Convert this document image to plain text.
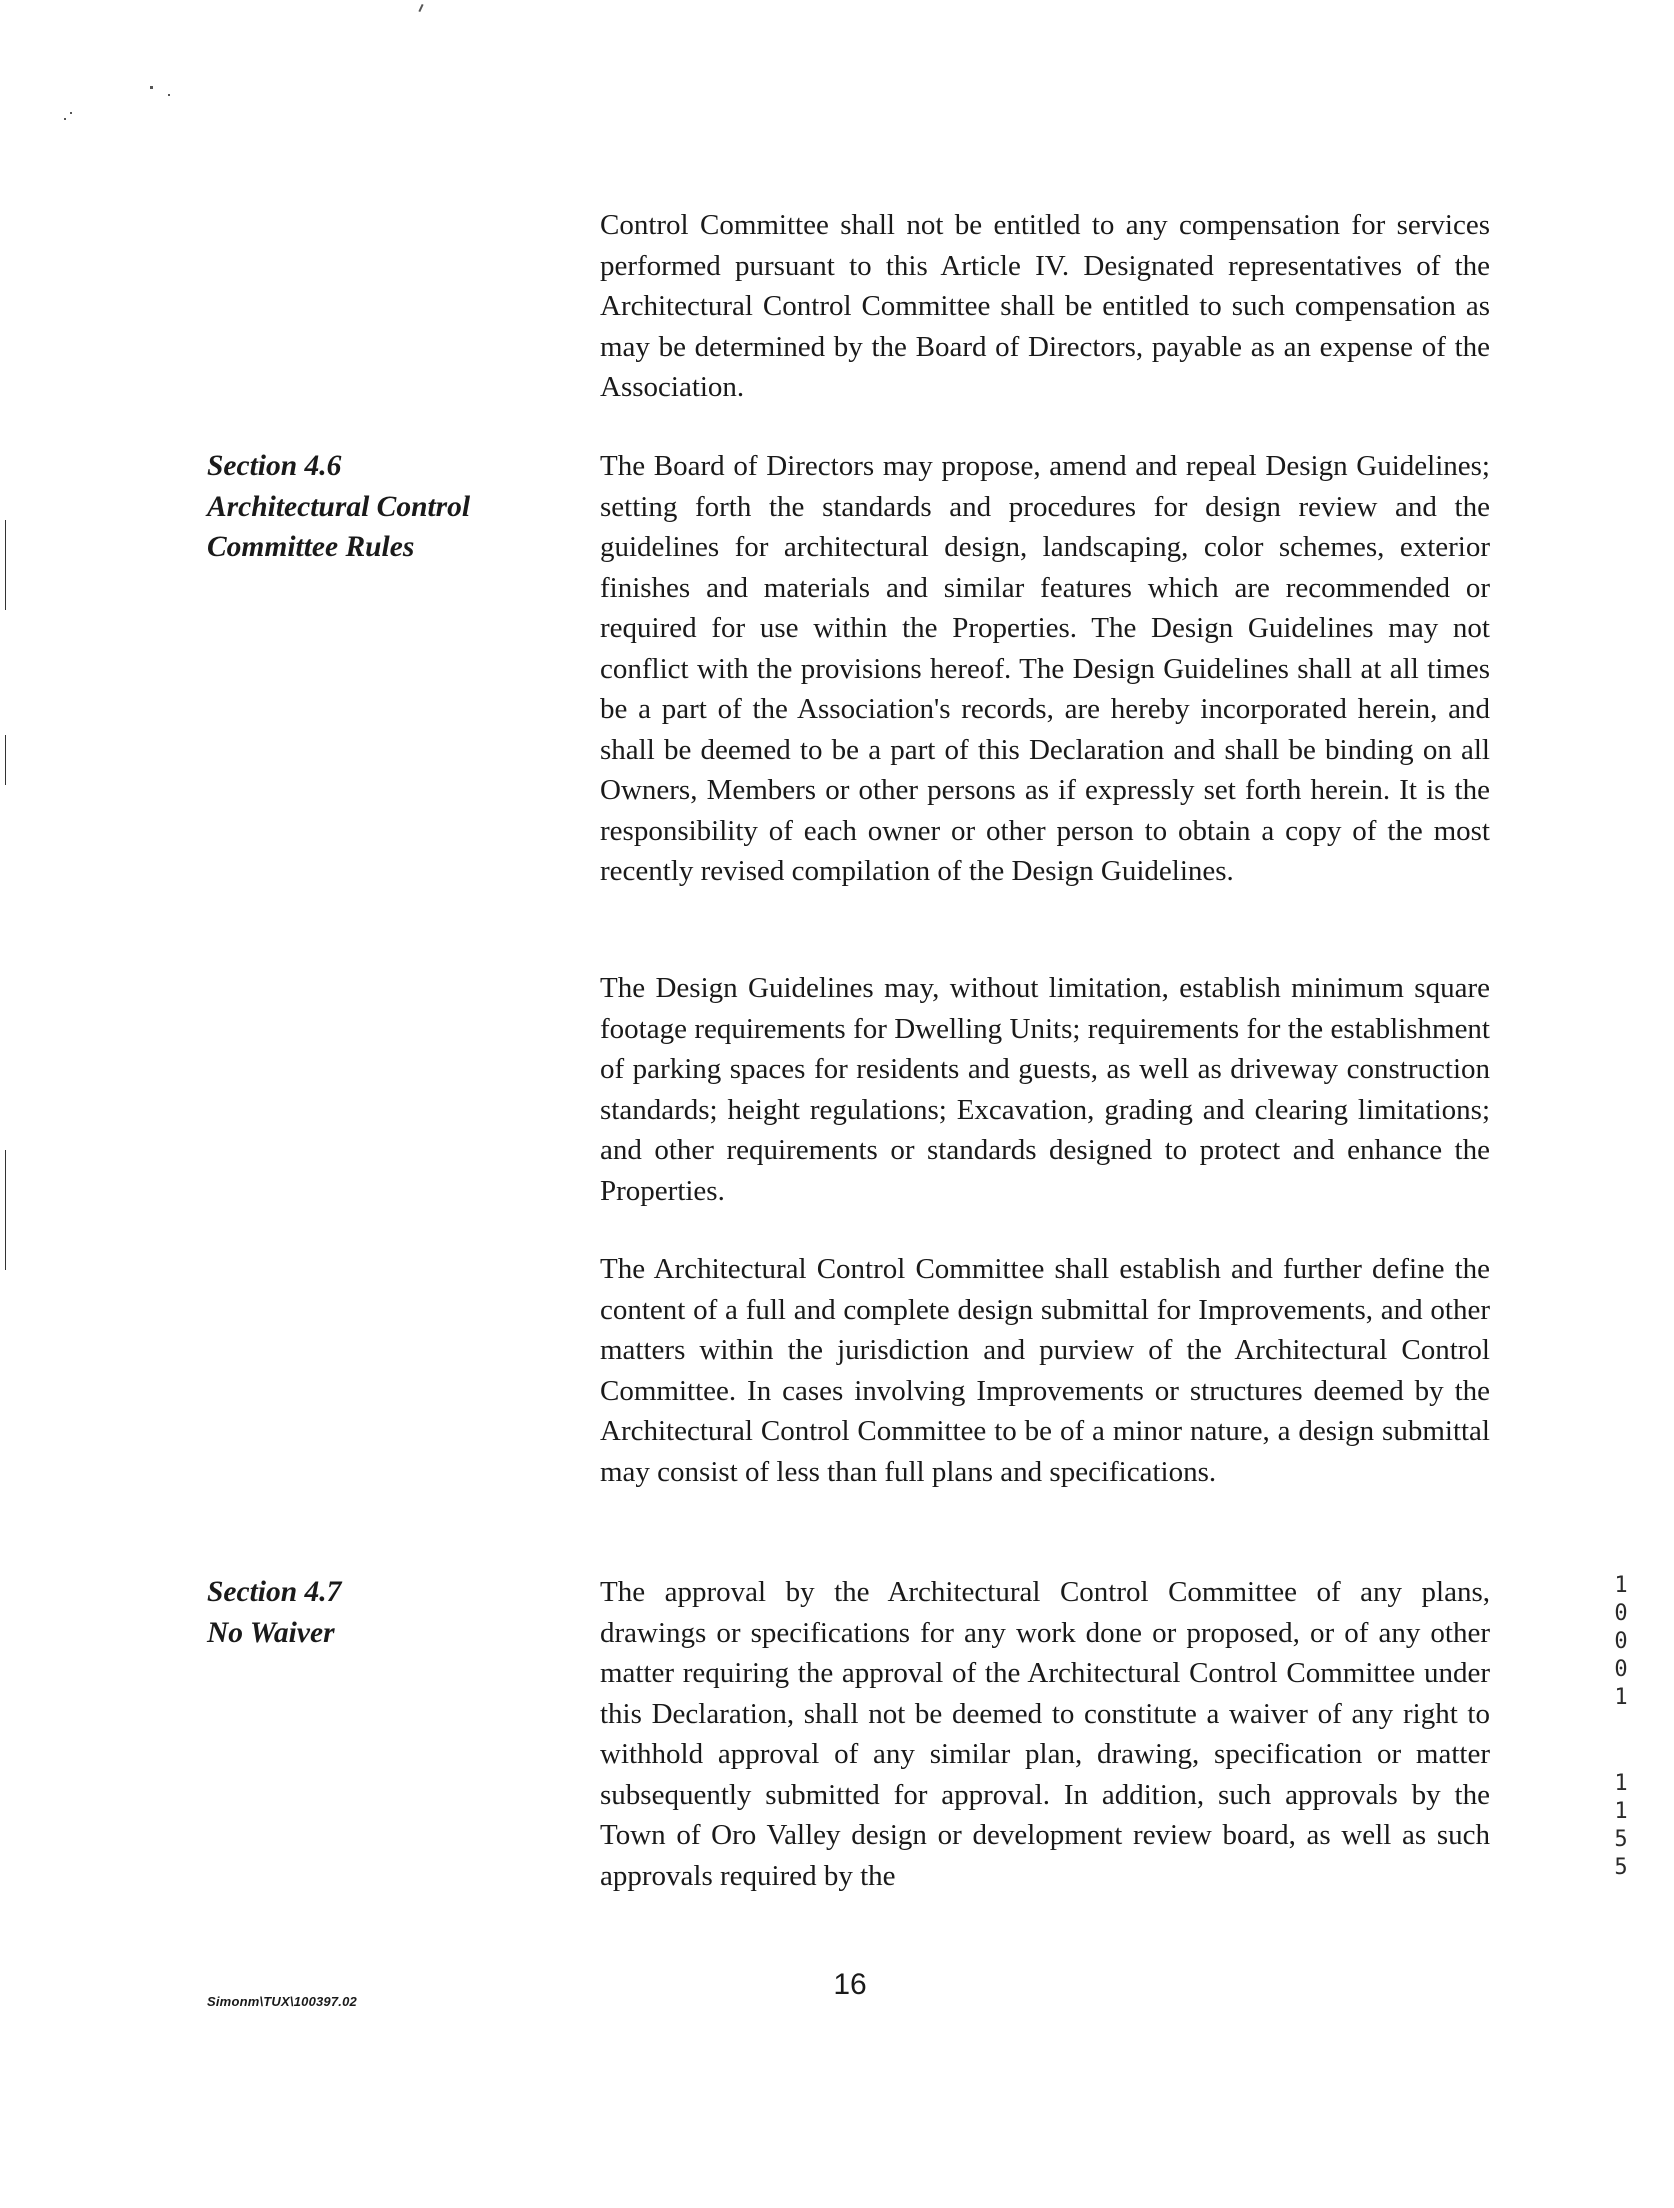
Control Committee shall not be entitled to any compensation for services performed pursuant to this Article IV. Designated representatives of the Architectural Control Committee shall be entitled to such compensation as may be determined by the Board of Directors, payable as an expense of the Association.

Section 4.6
Architectural Control
Committee Rules

The Board of Directors may propose, amend and repeal Design Guidelines; setting forth the standards and procedures for design review and the guidelines for architectural design, landscaping, color schemes, exterior finishes and materials and similar features which are recommended or required for use within the Properties. The Design Guidelines may not conflict with the provisions hereof. The Design Guidelines shall at all times be a part of the Association's records, are hereby incorporated herein, and shall be deemed to be a part of this Declaration and shall be binding on all Owners, Members or other persons as if expressly set forth herein. It is the responsibility of each owner or other person to obtain a copy of the most recently revised compilation of the Design Guidelines.

The Design Guidelines may, without limitation, establish minimum square footage requirements for Dwelling Units; requirements for the establishment of parking spaces for residents and guests, as well as driveway construction standards; height regulations; Excavation, grading and clearing limitations; and other requirements or standards designed to protect and enhance the Properties.

The Architectural Control Committee shall establish and further define the content of a full and complete design submittal for Improvements, and other matters within the jurisdiction and purview of the Architectural Control Committee. In cases involving Improvements or structures deemed by the Architectural Control Committee to be of a minor nature, a design submittal may consist of less than full plans and specifications.

Section 4.7
No Waiver

The approval by the Architectural Control Committee of any plans, drawings or specifications for any work done or proposed, or of any other matter requiring the approval of the Architectural Control Committee under this Declaration, shall not be deemed to constitute a waiver of any right to withhold approval of any similar plan, drawing, specification or matter subsequently submitted for approval. In addition, such approvals by the Town of Oro Valley design or development review board, as well as such approvals required by the

1
0
0
0
1
1
1
5
5
Simonm\TUX\100397.02
16
